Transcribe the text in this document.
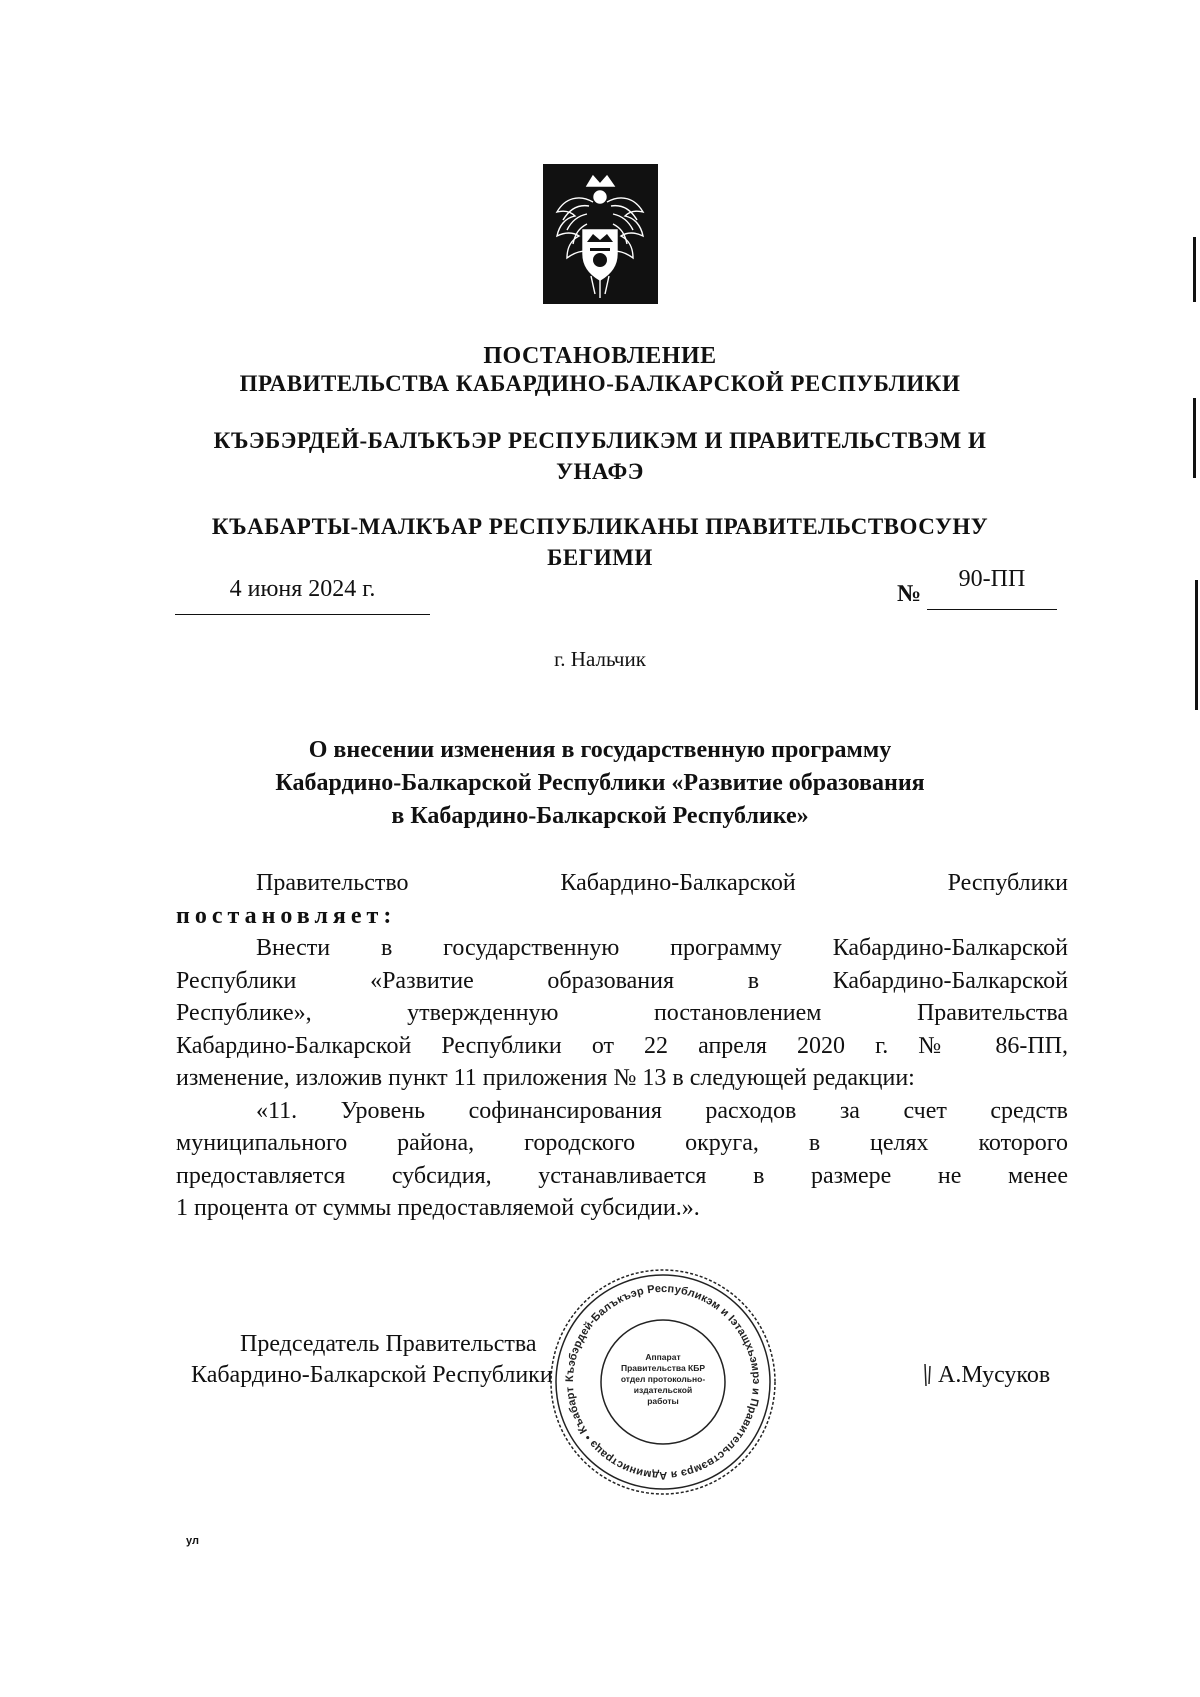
ПОСТАНОВЛЕНИЕ
ПРАВИТЕЛЬСТВА КАБАРДИНО-БАЛКАРСКОЙ РЕСПУБЛИКИ
КЪЭБЭРДЕЙ-БАЛЪКЪЭР РЕСПУБЛИКЭМ И ПРАВИТЕЛЬСТВЭМ И
УНАФЭ
КЪАБАРТЫ-МАЛКЪАР РЕСПУБЛИКАНЫ ПРАВИТЕЛЬСТВОСУНУ
БЕГИМИ
4 июня 2024 г.	№
90-ПП
г. Нальчик
О внесении изменения в государственную программу
Кабардино-Балкарской Республики «Развитие образования
в Кабардино-Балкарской Республике»
Правительство	Кабардино-Балкарской	Республики
постановляет:
Внести в государственную программу Кабардино-Балкарской
Республики «Развитие образования в Кабардино-Балкарской
Республике», утвержденную постановлением Правительства
Кабардино-Балкарской Республики от 22 апреля 2020 г. № 86-ПП,
изменение, изложив пункт 11 приложения № 13 в следующей редакции:
«11. Уровень софинансирования расходов за счет средств
муниципального района, городского округа, в целях которого
предоставляется субсидия, устанавливается в размере не менее
1 процента от суммы предоставляемой субсидии.».
Председатель Правительства
Кабардино-Балкарской Республики	А.Мусуков
Къэбэрдей-Балъкъэр Республикэм и Iэтащхьэмрэ и Правительствэмрэ я Администрацэ • Къабарт
Аппарат Правительства КБР отдел протокольно-издательской работы
ул
